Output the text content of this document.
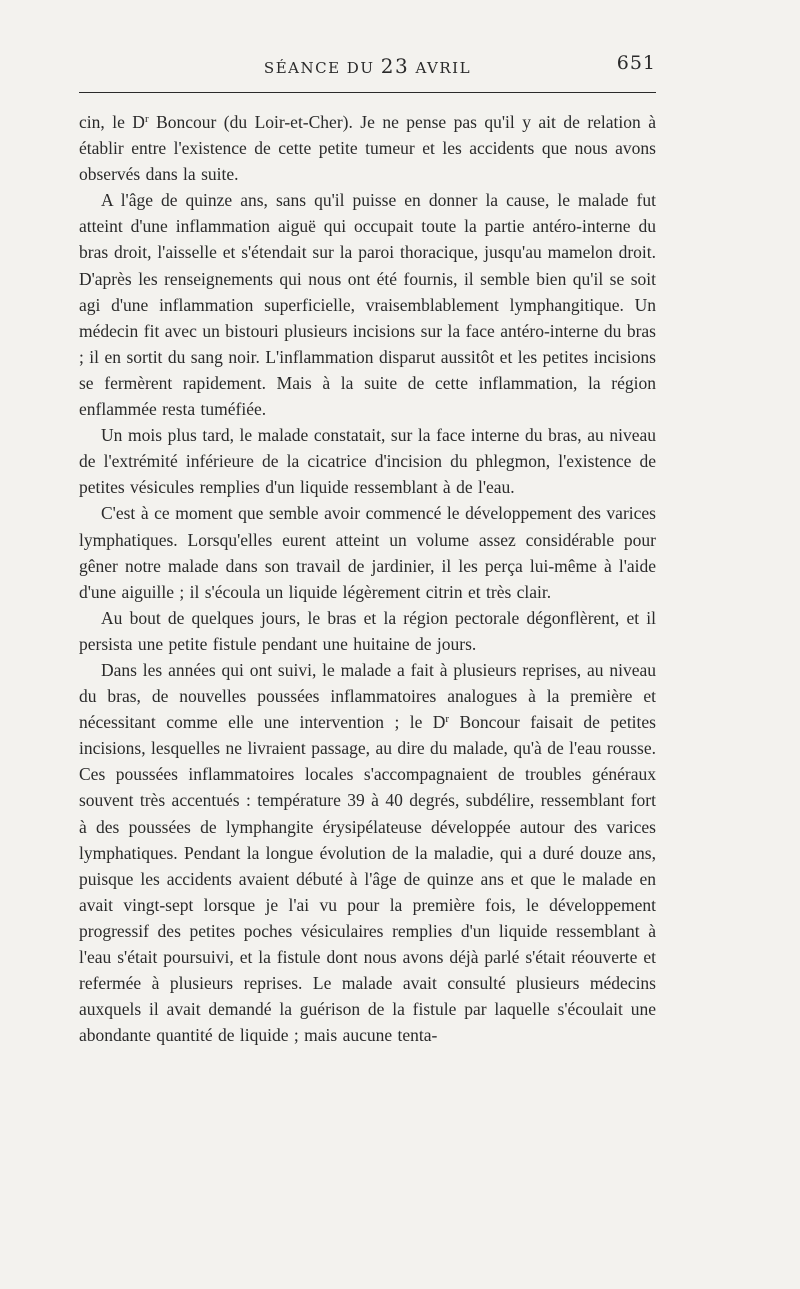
SÉANCE DU 23 AVRIL	651

cin, le $D^r$ Boncour (du Loir-et-Cher). Je ne pense pas qu'il y ait de relation à établir entre l'existence de cette petite tumeur et les accidents que nous avons observés dans la suite.

A l'âge de quinze ans, sans qu'il puisse en donner la cause, le malade fut atteint d'une inflammation aiguë qui occupait toute la partie antéro-interne du bras droit, l'aisselle et s'étendait sur la paroi thoracique, jusqu'au mamelon droit. D'après les renseignements qui nous ont été fournis, il semble bien qu'il se soit agi d'une inflammation superficielle, vraisemblablement lymphangitique. Un médecin fit avec un bistouri plusieurs incisions sur la face antéro-interne du bras ; il en sortit du sang noir. L'inflammation disparut aussitôt et les petites incisions se fermèrent rapidement. Mais à la suite de cette inflammation, la région enflammée resta tuméfiée.

Un mois plus tard, le malade constatait, sur la face interne du bras, au niveau de l'extrémité inférieure de la cicatrice d'incision du phlegmon, l'existence de petites vésicules remplies d'un liquide ressemblant à de l'eau.

C'est à ce moment que semble avoir commencé le développement des varices lymphatiques. Lorsqu'elles eurent atteint un volume assez considérable pour gêner notre malade dans son travail de jardinier, il les perça lui-même à l'aide d'une aiguille ; il s'écoula un liquide légèrement citrin et très clair.

Au bout de quelques jours, le bras et la région pectorale dégonflèrent, et il persista une petite fistule pendant une huitaine de jours.

Dans les années qui ont suivi, le malade a fait à plusieurs reprises, au niveau du bras, de nouvelles poussées inflammatoires analogues à la première et nécessitant comme elle une intervention ; le $D^r$ Boncour faisait de petites incisions, lesquelles ne livraient passage, au dire du malade, qu'à de l'eau rousse. Ces poussées inflammatoires locales s'accompagnaient de troubles généraux souvent très accentués : température 39 à 40 degrés, subdélire, ressemblant fort à des poussées de lymphangite érysipélateuse développée autour des varices lymphatiques. Pendant la longue évolution de la maladie, qui a duré douze ans, puisque les accidents avaient débuté à l'âge de quinze ans et que le malade en avait vingt-sept lorsque je l'ai vu pour la première fois, le développement progressif des petites poches vésiculaires remplies d'un liquide ressemblant à l'eau s'était poursuivi, et la fistule dont nous avons déjà parlé s'était réouverte et refermée à plusieurs reprises. Le malade avait consulté plusieurs médecins auxquels il avait demandé la guérison de la fistule par laquelle s'écoulait une abondante quantité de liquide ; mais aucune tenta-
